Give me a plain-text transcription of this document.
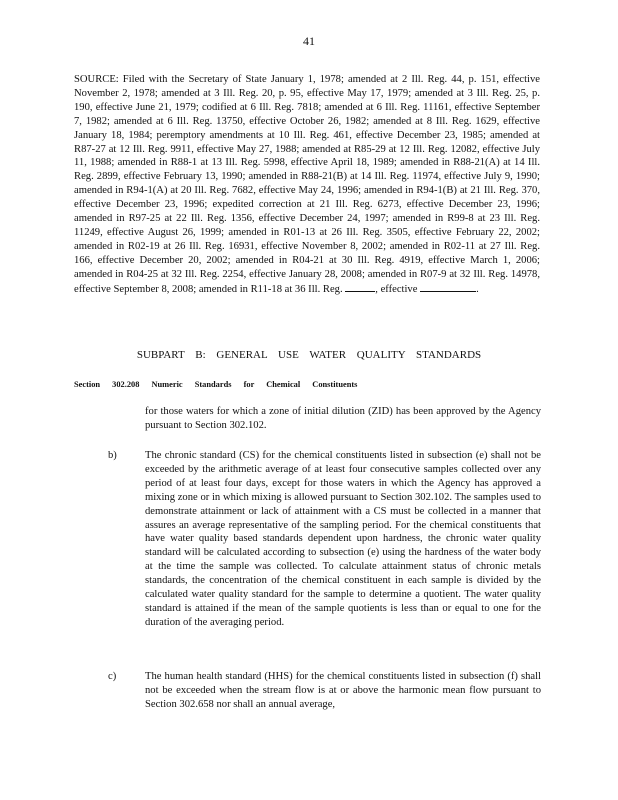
41
SOURCE: Filed with the Secretary of State January 1, 1978; amended at 2 Ill. Reg. 44, p. 151, effective November 2, 1978; amended at 3 Ill. Reg. 20, p. 95, effective May 17, 1979; amended at 3 Ill. Reg. 25, p. 190, effective June 21, 1979; codified at 6 Ill. Reg. 7818; amended at 6 Ill. Reg. 11161, effective September 7, 1982; amended at 6 Ill. Reg. 13750, effective October 26, 1982; amended at 8 Ill. Reg. 1629, effective January 18, 1984; peremptory amendments at 10 Ill. Reg. 461, effective December 23, 1985; amended at R87-27 at 12 Ill. Reg. 9911, effective May 27, 1988; amended at R85-29 at 12 Ill. Reg. 12082, effective July 11, 1988; amended in R88-1 at 13 Ill. Reg. 5998, effective April 18, 1989; amended in R88-21(A) at 14 Ill. Reg. 2899, effective February 13, 1990; amended in R88-21(B) at 14 Ill. Reg. 11974, effective July 9, 1990; amended in R94-1(A) at 20 Ill. Reg. 7682, effective May 24, 1996; amended in R94-1(B) at 21 Ill. Reg. 370, effective December 23, 1996; expedited correction at 21 Ill. Reg. 6273, effective December 23, 1996; amended in R97-25 at 22 Ill. Reg. 1356, effective December 24, 1997; amended in R99-8 at 23 Ill. Reg. 11249, effective August 26, 1999; amended in R01-13 at 26 Ill. Reg. 3505, effective February 22, 2002; amended in R02-19 at 26 Ill. Reg. 16931, effective November 8, 2002; amended in R02-11 at 27 Ill. Reg. 166, effective December 20, 2002; amended in R04-21 at 30 Ill. Reg. 4919, effective March 1, 2006; amended in R04-25 at 32 Ill. Reg. 2254, effective January 28, 2008; amended in R07-9 at 32 Ill. Reg. 14978, effective September 8, 2008; amended in R11-18 at 36 Ill. Reg.	, effective	.
SUBPART B: GENERAL USE WATER QUALITY STANDARDS
Section 302.208 Numeric Standards for Chemical Constituents
for those waters for which a zone of initial dilution (ZID) has been approved by the Agency pursuant to Section 302.102.
b)	The chronic standard (CS) for the chemical constituents listed in subsection (e) shall not be exceeded by the arithmetic average of at least four consecutive samples collected over any period of at least four days, except for those waters in which the Agency has approved a mixing zone or in which mixing is allowed pursuant to Section 302.102. The samples used to demonstrate attainment or lack of attainment with a CS must be collected in a manner that assures an average representative of the sampling period. For the chemical constituents that have water quality based standards dependent upon hardness, the chronic water quality standard will be calculated according to subsection (e) using the hardness of the water body at the time the sample was collected. To calculate attainment status of chronic metals standards, the concentration of the chemical constituent in each sample is divided by the calculated water quality standard for the sample to determine a quotient. The water quality standard is attained if the mean of the sample quotients is less than or equal to one for the duration of the averaging period.
c)	The human health standard (HHS) for the chemical constituents listed in subsection (f) shall not be exceeded when the stream flow is at or above the harmonic mean flow pursuant to Section 302.658 nor shall an annual average,
